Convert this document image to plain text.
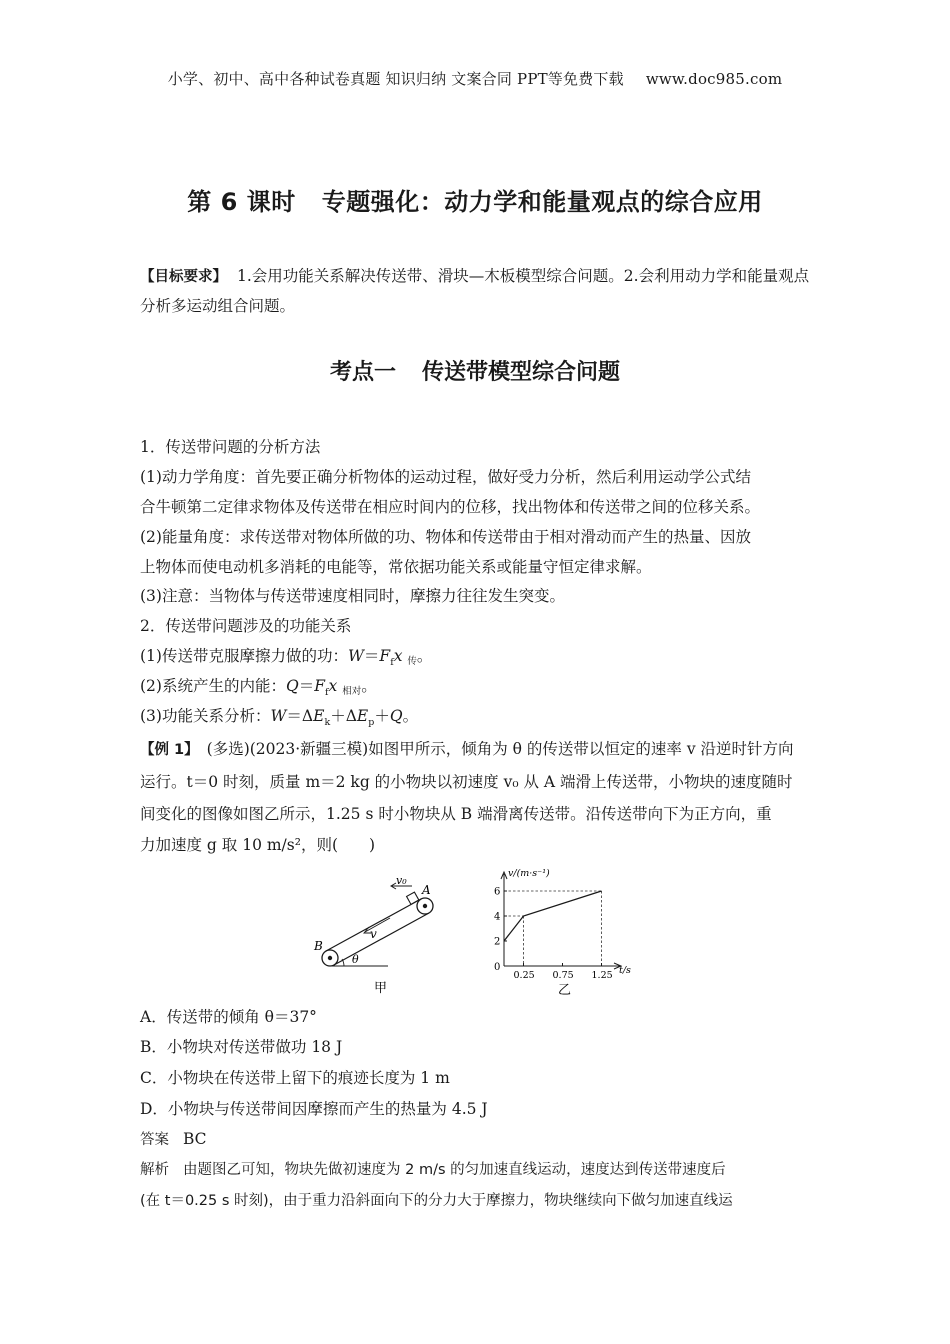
小学、初中、高中各种试卷真题 知识归纳 文案合同 PPT等免费下载 www.doc985.com
第 6 课时 专题强化：动力学和能量观点的综合应用
【目标要求】 1.会用功能关系解决传送带、滑块—木板模型综合问题。2.会利用动力学和能量观点分析多运动组合问题。
考点一 传送带模型综合问题
1．传送带问题的分析方法
(1)动力学角度：首先要正确分析物体的运动过程，做好受力分析，然后利用运动学公式结
合牛顿第二定律求物体及传送带在相应时间内的位移，找出物体和传送带之间的位移关系。
(2)能量角度：求传送带对物体所做的功、物体和传送带由于相对滑动而产生的热量、因放
上物体而使电动机多消耗的电能等，常依据功能关系或能量守恒定律求解。
(3)注意：当物体与传送带速度相同时，摩擦力往往发生突变。
2．传送带问题涉及的功能关系
(1)传送带克服摩擦力做的功：$W=F_fx$ $_传$。
(2)系统产生的内能：$Q=F_fx$ $_{相对}$。
(3)功能关系分析：$W=\Delta E_k+\Delta E_p+Q$。
【例 1】 (多选)(2023·新疆三模)如图甲所示，倾角为 θ 的传送带以恒定的速率 v 沿逆时针方向
运行。t＝0 时刻，质量 m＝2 kg 的小物块以初速度 v₀ 从 A 端滑上传送带，小物块的速度随时
间变化的图像如图乙所示，1.25 s 时小物块从 B 端滑离传送带。沿传送带向下为正方向，重
力加速度 g 取 10 m/s²，则(　　)
v₀
A
B
v
θ
甲
v/(m·s⁻¹)
t/s
0
2
4
6
0.25 0.75 1.25
乙
A．传送带的倾角 θ＝37°
B．小物块对传送带做功 18 J
C．小物块在传送带上留下的痕迹长度为 1 m
D．小物块与传送带间因摩擦而产生的热量为 4.5 J
答案 BC
解析 由题图乙可知，物块先做初速度为 2 m/s 的匀加速直线运动，速度达到传送带速度后
(在 t＝0.25 s 时刻)，由于重力沿斜面向下的分力大于摩擦力，物块继续向下做匀加速直线运
